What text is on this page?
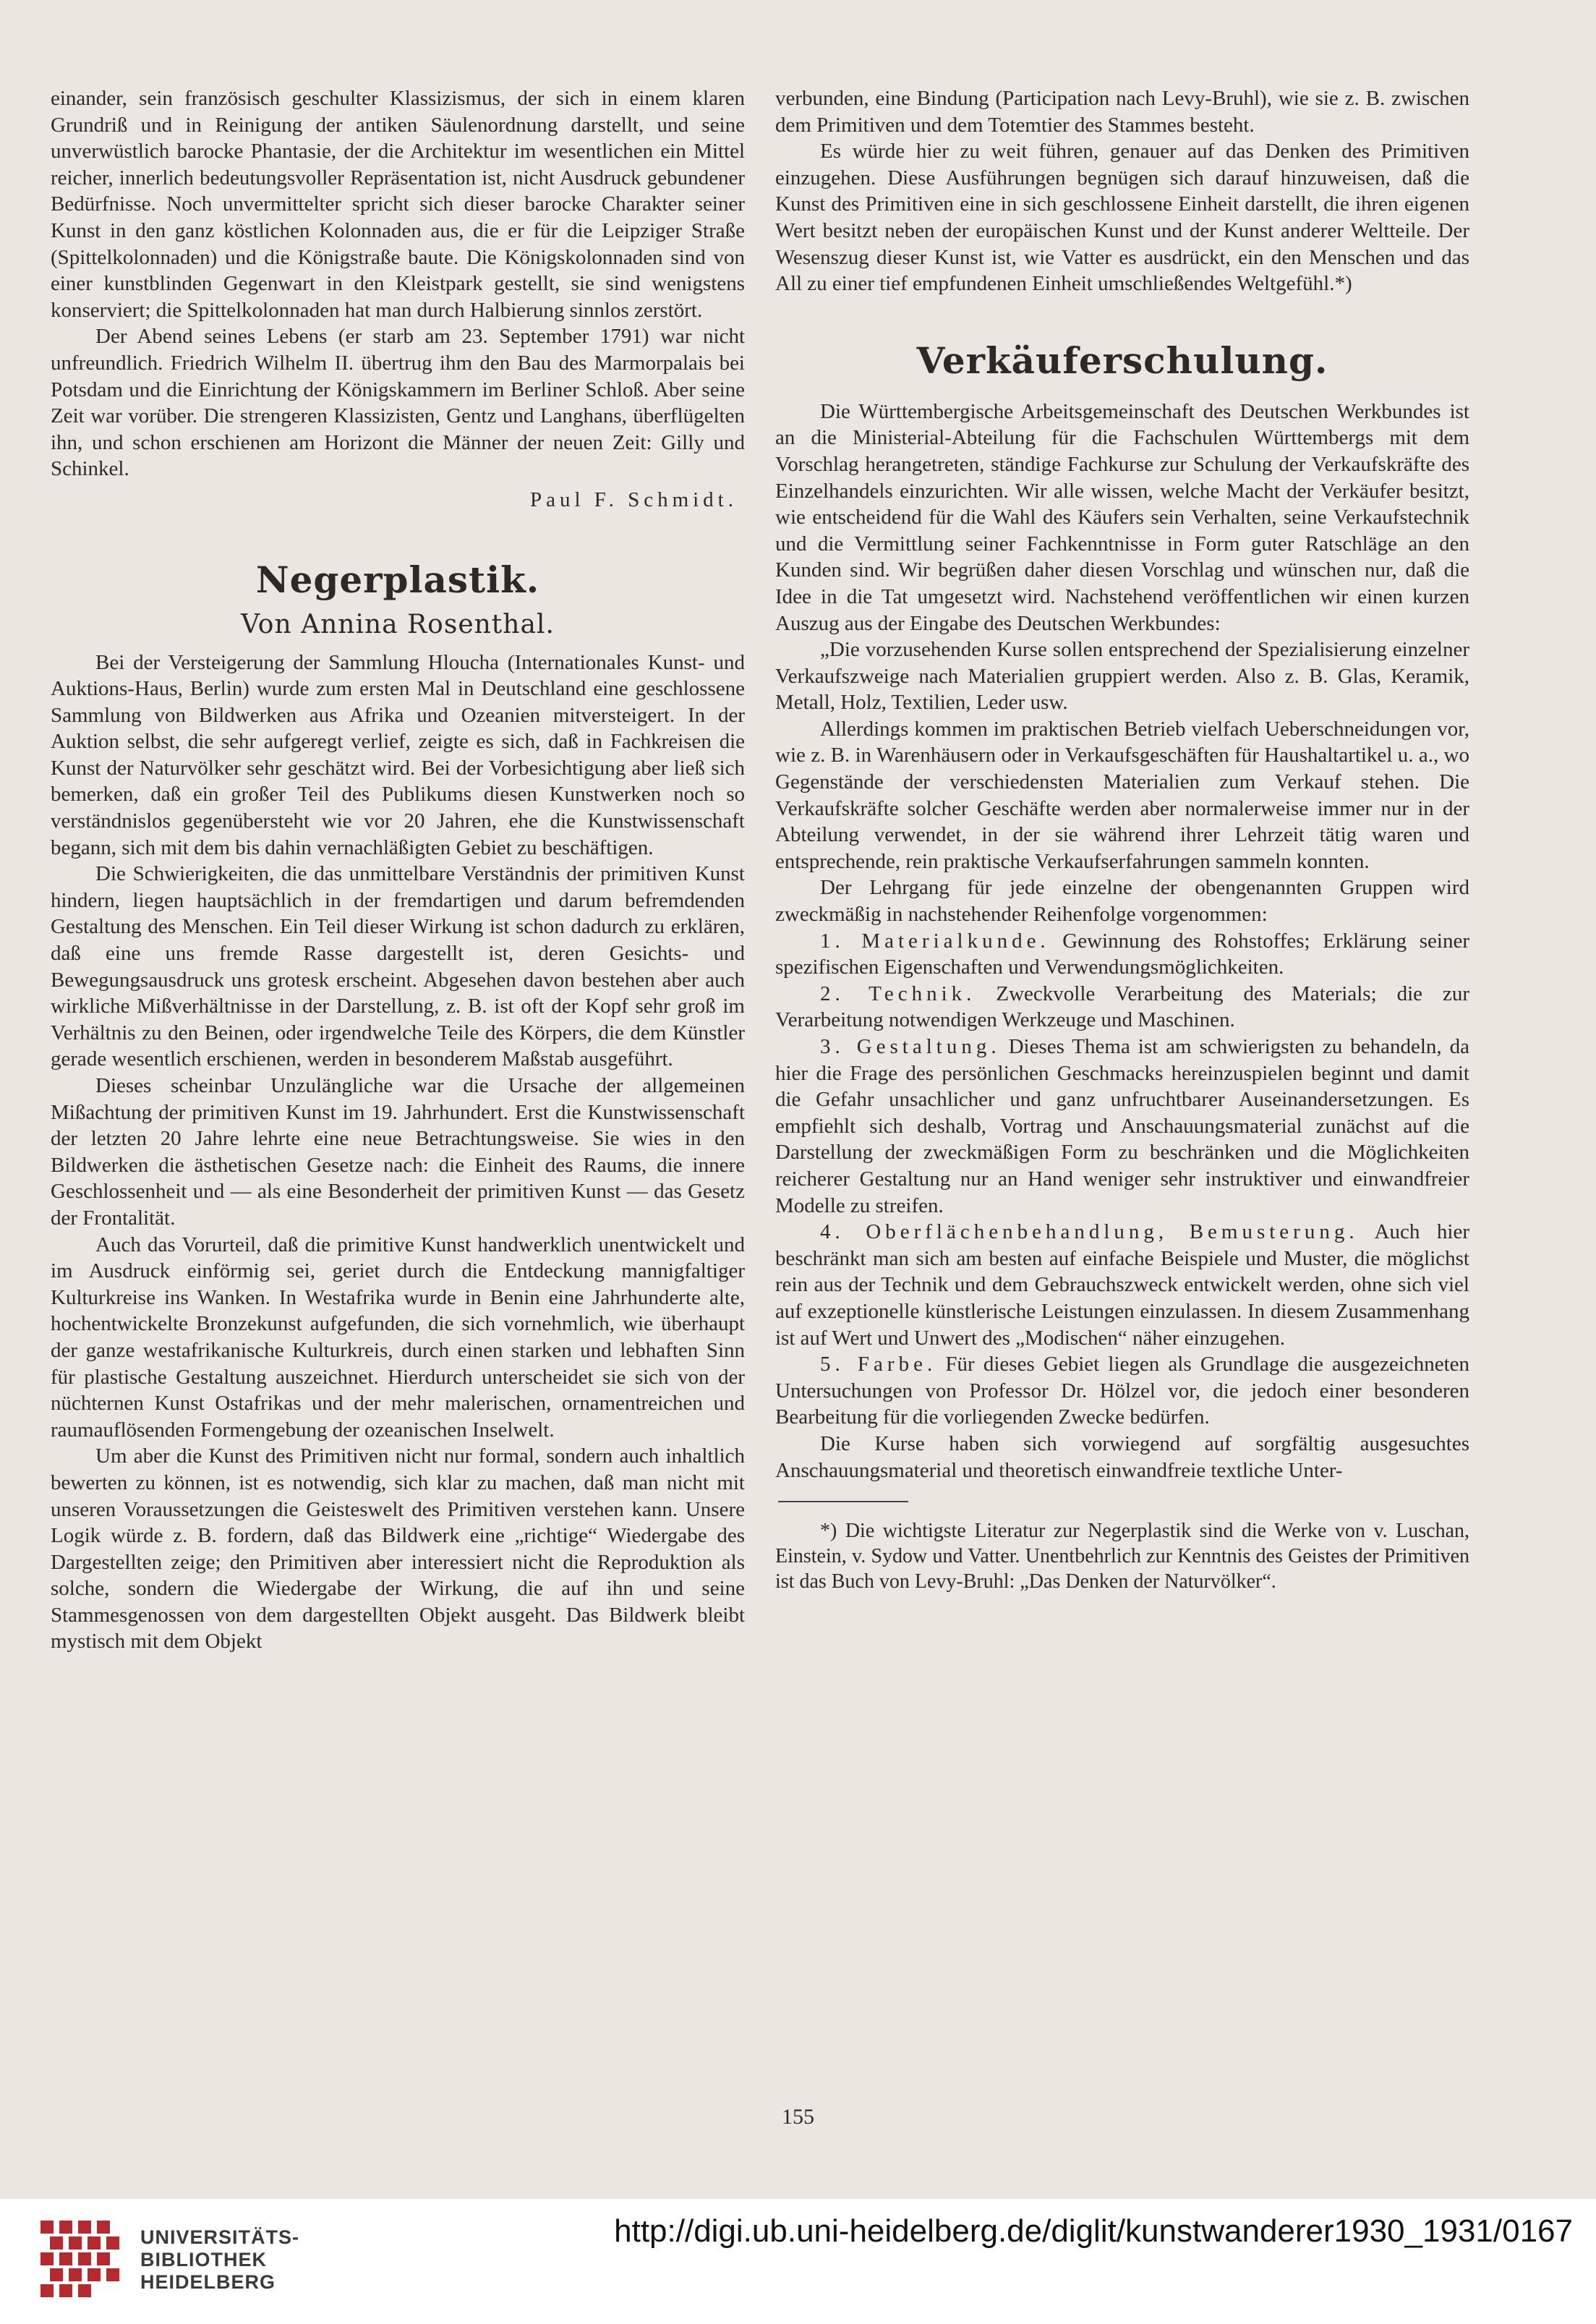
einander, sein französisch geschulter Klassizismus, der sich in einem klaren Grundriß und in Reinigung der antiken Säulenordnung darstellt, und seine unverwüstlich barocke Phantasie, der die Architektur im wesentlichen ein Mittel reicher, innerlich bedeutungsvoller Repräsentation ist, nicht Ausdruck gebundener Bedürfnisse. Noch unvermittelter spricht sich dieser barocke Charakter seiner Kunst in den ganz köstlichen Kolonnaden aus, die er für die Leipziger Straße (Spittelkolonnaden) und die Königstraße baute. Die Königskolonnaden sind von einer kunstblinden Gegenwart in den Kleistpark gestellt, sie sind wenigstens konserviert; die Spittelkolonnaden hat man durch Halbierung sinnlos zerstört.

Der Abend seines Lebens (er starb am 23. September 1791) war nicht unfreundlich. Friedrich Wilhelm II. übertrug ihm den Bau des Marmorpalais bei Potsdam und die Einrichtung der Königskammern im Berliner Schloß. Aber seine Zeit war vorüber. Die strengeren Klassizisten, Gentz und Langhans, überflügelten ihn, und schon erschienen am Horizont die Männer der neuen Zeit: Gilly und Schinkel.

Paul F. Schmidt.

Negerplastik.
Von Annina Rosenthal.

Bei der Versteigerung der Sammlung Hloucha (Internationales Kunst- und Auktions-Haus, Berlin) wurde zum ersten Mal in Deutschland eine geschlossene Sammlung von Bildwerken aus Afrika und Ozeanien mitversteigert. In der Auktion selbst, die sehr aufgeregt verlief, zeigte es sich, daß in Fachkreisen die Kunst der Naturvölker sehr geschätzt wird. Bei der Vorbesichtigung aber ließ sich bemerken, daß ein großer Teil des Publikums diesen Kunstwerken noch so verständnislos gegenübersteht wie vor 20 Jahren, ehe die Kunstwissenschaft begann, sich mit dem bis dahin vernachläßigten Gebiet zu beschäftigen.

Die Schwierigkeiten, die das unmittelbare Verständnis der primitiven Kunst hindern, liegen hauptsächlich in der fremdartigen und darum befremdenden Gestaltung des Menschen. Ein Teil dieser Wirkung ist schon dadurch zu erklären, daß eine uns fremde Rasse dargestellt ist, deren Gesichts- und Bewegungsausdruck uns grotesk erscheint. Abgesehen davon bestehen aber auch wirkliche Mißverhältnisse in der Darstellung, z. B. ist oft der Kopf sehr groß im Verhältnis zu den Beinen, oder irgendwelche Teile des Körpers, die dem Künstler gerade wesentlich erschienen, werden in besonderem Maßstab ausgeführt.

Dieses scheinbar Unzulängliche war die Ursache der allgemeinen Mißachtung der primitiven Kunst im 19. Jahrhundert. Erst die Kunstwissenschaft der letzten 20 Jahre lehrte eine neue Betrachtungsweise. Sie wies in den Bildwerken die ästhetischen Gesetze nach: die Einheit des Raums, die innere Geschlossenheit und — als eine Besonderheit der primitiven Kunst — das Gesetz der Frontalität.

Auch das Vorurteil, daß die primitive Kunst handwerklich unentwickelt und im Ausdruck einförmig sei, geriet durch die Entdeckung mannigfaltiger Kulturkreise ins Wanken. In Westafrika wurde in Benin eine Jahrhunderte alte, hochentwickelte Bronzekunst aufgefunden, die sich vornehmlich, wie überhaupt der ganze westafrikanische Kulturkreis, durch einen starken und lebhaften Sinn für plastische Gestaltung auszeichnet. Hierdurch unterscheidet sie sich von der nüchternen Kunst Ostafrikas und der mehr malerischen, ornamentreichen und raumauflösenden Formengebung der ozeanischen Inselwelt.

Um aber die Kunst des Primitiven nicht nur formal, sondern auch inhaltlich bewerten zu können, ist es notwendig, sich klar zu machen, daß man nicht mit unseren Voraussetzungen die Geisteswelt des Primitiven verstehen kann. Unsere Logik würde z. B. fordern, daß das Bildwerk eine „richtige“ Wiedergabe des Dargestellten zeige; den Primitiven aber interessiert nicht die Reproduktion als solche, sondern die Wiedergabe der Wirkung, die auf ihn und seine Stammesgenossen von dem dargestellten Objekt ausgeht. Das Bildwerk bleibt mystisch mit dem Objekt

verbunden, eine Bindung (Participation nach Levy-Bruhl), wie sie z. B. zwischen dem Primitiven und dem Totemtier des Stammes besteht.

Es würde hier zu weit führen, genauer auf das Denken des Primitiven einzugehen. Diese Ausführungen begnügen sich darauf hinzuweisen, daß die Kunst des Primitiven eine in sich geschlossene Einheit darstellt, die ihren eigenen Wert besitzt neben der europäischen Kunst und der Kunst anderer Weltteile. Der Wesenszug dieser Kunst ist, wie Vatter es ausdrückt, ein den Menschen und das All zu einer tief empfundenen Einheit umschließendes Weltgefühl.*)

Verkäuferschulung.

Die Württembergische Arbeitsgemeinschaft des Deutschen Werkbundes ist an die Ministerial-Abteilung für die Fachschulen Württembergs mit dem Vorschlag herangetreten, ständige Fachkurse zur Schulung der Verkaufskräfte des Einzelhandels einzurichten. Wir alle wissen, welche Macht der Verkäufer besitzt, wie entscheidend für die Wahl des Käufers sein Verhalten, seine Verkaufstechnik und die Vermittlung seiner Fachkenntnisse in Form guter Ratschläge an den Kunden sind. Wir begrüßen daher diesen Vorschlag und wünschen nur, daß die Idee in die Tat umgesetzt wird. Nachstehend veröffentlichen wir einen kurzen Auszug aus der Eingabe des Deutschen Werkbundes:

„Die vorzusehenden Kurse sollen entsprechend der Spezialisierung einzelner Verkaufszweige nach Materialien gruppiert werden. Also z. B. Glas, Keramik, Metall, Holz, Textilien, Leder usw.

Allerdings kommen im praktischen Betrieb vielfach Ueberschneidungen vor, wie z. B. in Warenhäusern oder in Verkaufsgeschäften für Haushaltartikel u. a., wo Gegenstände der verschiedensten Materialien zum Verkauf stehen. Die Verkaufskräfte solcher Geschäfte werden aber normalerweise immer nur in der Abteilung verwendet, in der sie während ihrer Lehrzeit tätig waren und entsprechende, rein praktische Verkaufserfahrungen sammeln konnten.

Der Lehrgang für jede einzelne der obengenannten Gruppen wird zweckmäßig in nachstehender Reihenfolge vorgenommen:

1. Materialkunde. Gewinnung des Rohstoffes; Erklärung seiner spezifischen Eigenschaften und Verwendungsmöglichkeiten.

2. Technik. Zweckvolle Verarbeitung des Materials; die zur Verarbeitung notwendigen Werkzeuge und Maschinen.

3. Gestaltung. Dieses Thema ist am schwierigsten zu behandeln, da hier die Frage des persönlichen Geschmacks hereinzuspielen beginnt und damit die Gefahr unsachlicher und ganz unfruchtbarer Auseinandersetzungen. Es empfiehlt sich deshalb, Vortrag und Anschauungsmaterial zunächst auf die Darstellung der zweckmäßigen Form zu beschränken und die Möglichkeiten reicherer Gestaltung nur an Hand weniger sehr instruktiver und einwandfreier Modelle zu streifen.

4. Oberflächenbehandlung, Bemusterung. Auch hier beschränkt man sich am besten auf einfache Beispiele und Muster, die möglichst rein aus der Technik und dem Gebrauchszweck entwickelt werden, ohne sich viel auf exzeptionelle künstlerische Leistungen einzulassen. In diesem Zusammenhang ist auf Wert und Unwert des „Modischen“ näher einzugehen.

5. Farbe. Für dieses Gebiet liegen als Grundlage die ausgezeichneten Untersuchungen von Professor Dr. Hölzel vor, die jedoch einer besonderen Bearbeitung für die vorliegenden Zwecke bedürfen.

Die Kurse haben sich vorwiegend auf sorgfältig ausgesuchtes Anschauungsmaterial und theoretisch einwandfreie textliche Unter-

*) Die wichtigste Literatur zur Negerplastik sind die Werke von v. Luschan, Einstein, v. Sydow und Vatter. Unentbehrlich zur Kenntnis des Geistes der Primitiven ist das Buch von Levy-Bruhl: „Das Denken der Naturvölker“.

155
UNIVERSITÄTS-
BIBLIOTHEK
HEIDELBERG
http://digi.ub.uni-heidelberg.de/diglit/kunstwanderer1930_1931/0167
